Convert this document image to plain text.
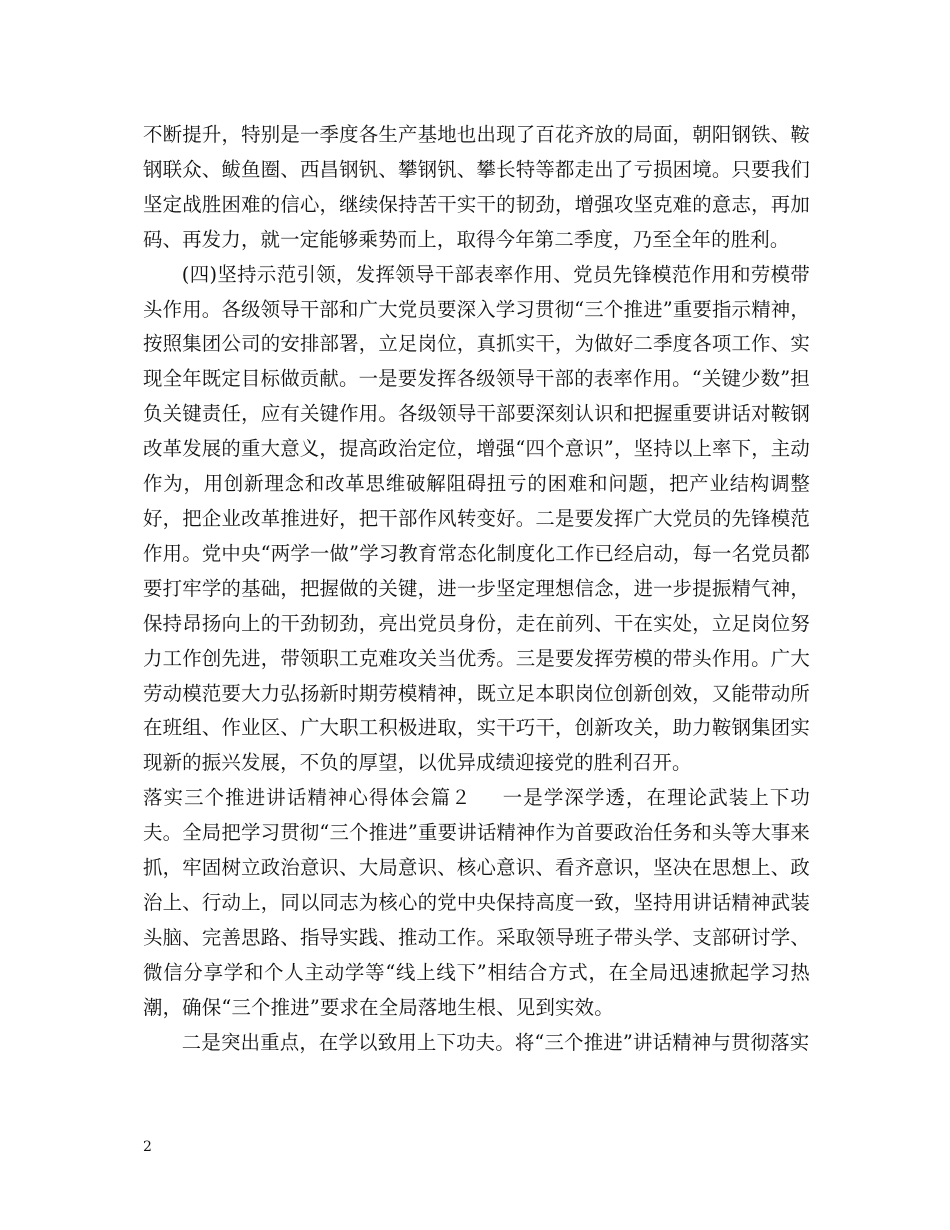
不断提升，特别是一季度各生产基地也出现了百花齐放的局面，朝阳钢铁、鞍钢联众、鲅鱼圈、西昌钢钒、攀钢钒、攀长特等都走出了亏损困境。只要我们坚定战胜困难的信心，继续保持苦干实干的韧劲，增强攻坚克难的意志，再加码、再发力，就一定能够乘势而上，取得今年第二季度，乃至全年的胜利。

(四)坚持示范引领，发挥领导干部表率作用、党员先锋模范作用和劳模带头作用。各级领导干部和广大党员要深入学习贯彻“三个推进”重要指示精神，按照集团公司的安排部署，立足岗位，真抓实干，为做好二季度各项工作、实现全年既定目标做贡献。一是要发挥各级领导干部的表率作用。“关键少数”担负关键责任，应有关键作用。各级领导干部要深刻认识和把握重要讲话对鞍钢改革发展的重大意义，提高政治定位，增强“四个意识”，坚持以上率下，主动作为，用创新理念和改革思维破解阻碍扭亏的困难和问题，把产业结构调整好，把企业改革推进好，把干部作风转变好。二是要发挥广大党员的先锋模范作用。党中央“两学一做”学习教育常态化制度化工作已经启动，每一名党员都要打牢学的基础，把握做的关键，进一步坚定理想信念，进一步提振精气神，保持昂扬向上的干劲韧劲，亮出党员身份，走在前列、干在实处，立足岗位努力工作创先进，带领职工克难攻关当优秀。三是要发挥劳模的带头作用。广大劳动模范要大力弘扬新时期劳模精神，既立足本职岗位创新创效，又能带动所在班组、作业区、广大职工积极进取，实干巧干，创新攻关，助力鞍钢集团实现新的振兴发展，不负的厚望，以优异成绩迎接党的胜利召开。

落实三个推进讲话精神心得体会篇２ 一是学深学透，在理论武装上下功夫。全局把学习贯彻“三个推进”重要讲话精神作为首要政治任务和头等大事来抓，牢固树立政治意识、大局意识、核心意识、看齐意识，坚决在思想上、政治上、行动上，同以同志为核心的党中央保持高度一致，坚持用讲话精神武装头脑、完善思路、指导实践、推动工作。采取领导班子带头学、支部研讨学、微信分享学和个人主动学等“线上线下”相结合方式，在全局迅速掀起学习热潮，确保“三个推进”要求在全局落地生根、见到实效。

二是突出重点，在学以致用上下功夫。将“三个推进”讲话精神与贯彻落实

2
